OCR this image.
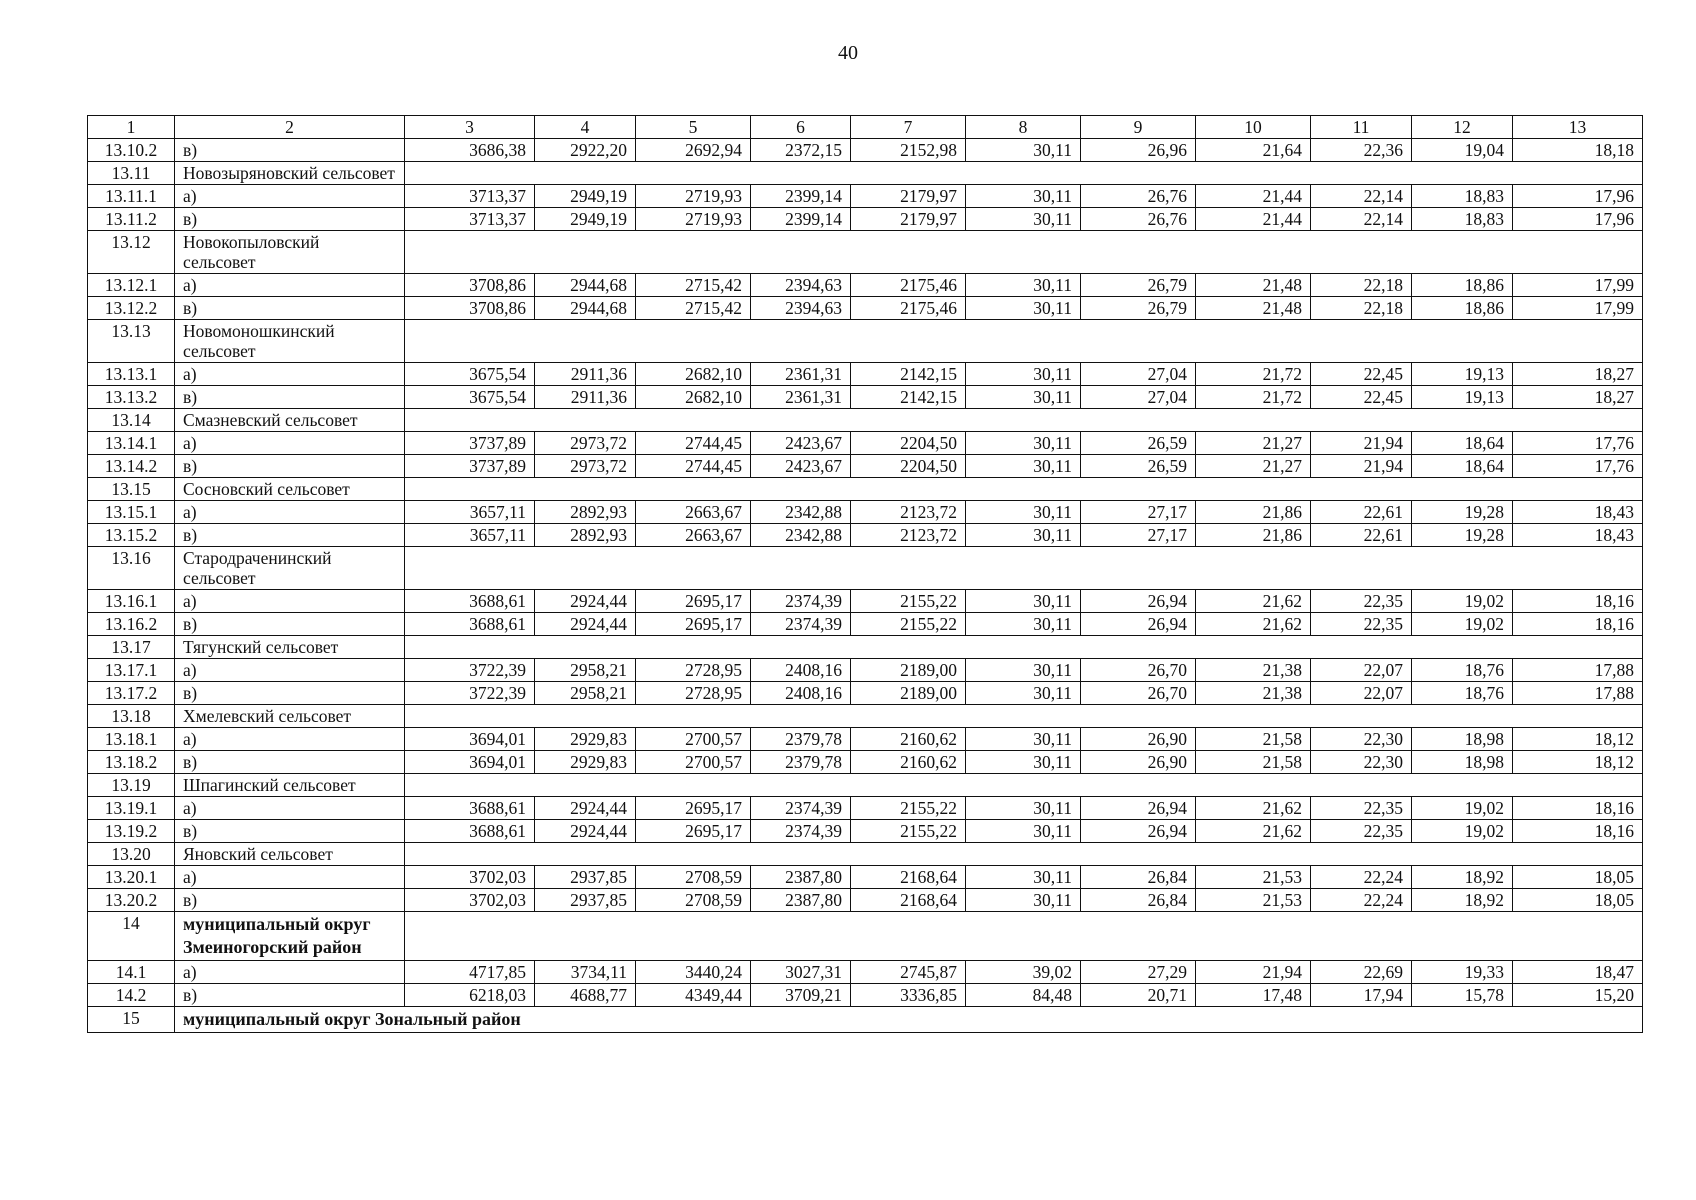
40
1	2	3	4	5	6	7	8	9	10	11	12	13
13.10.2	в)	3686,38	2922,20	2692,94	2372,15	2152,98	30,11	26,96	21,64	22,36	19,04	18,18
13.11	Новозыряновский сельсовет											
13.11.1	а)	3713,37	2949,19	2719,93	2399,14	2179,97	30,11	26,76	21,44	22,14	18,83	17,96
13.11.2	в)	3713,37	2949,19	2719,93	2399,14	2179,97	30,11	26,76	21,44	22,14	18,83	17,96
13.12	Новокопыловский сельсовет											
13.12.1	а)	3708,86	2944,68	2715,42	2394,63	2175,46	30,11	26,79	21,48	22,18	18,86	17,99
13.12.2	в)	3708,86	2944,68	2715,42	2394,63	2175,46	30,11	26,79	21,48	22,18	18,86	17,99
13.13	Новомоношкинский сельсовет											
13.13.1	а)	3675,54	2911,36	2682,10	2361,31	2142,15	30,11	27,04	21,72	22,45	19,13	18,27
13.13.2	в)	3675,54	2911,36	2682,10	2361,31	2142,15	30,11	27,04	21,72	22,45	19,13	18,27
13.14	Смазневский сельсовет											
13.14.1	а)	3737,89	2973,72	2744,45	2423,67	2204,50	30,11	26,59	21,27	21,94	18,64	17,76
13.14.2	в)	3737,89	2973,72	2744,45	2423,67	2204,50	30,11	26,59	21,27	21,94	18,64	17,76
13.15	Сосновский сельсовет											
13.15.1	а)	3657,11	2892,93	2663,67	2342,88	2123,72	30,11	27,17	21,86	22,61	19,28	18,43
13.15.2	в)	3657,11	2892,93	2663,67	2342,88	2123,72	30,11	27,17	21,86	22,61	19,28	18,43
13.16	Стародраченинский сельсовет											
13.16.1	а)	3688,61	2924,44	2695,17	2374,39	2155,22	30,11	26,94	21,62	22,35	19,02	18,16
13.16.2	в)	3688,61	2924,44	2695,17	2374,39	2155,22	30,11	26,94	21,62	22,35	19,02	18,16
13.17	Тягунский сельсовет											
13.17.1	а)	3722,39	2958,21	2728,95	2408,16	2189,00	30,11	26,70	21,38	22,07	18,76	17,88
13.17.2	в)	3722,39	2958,21	2728,95	2408,16	2189,00	30,11	26,70	21,38	22,07	18,76	17,88
13.18	Хмелевский сельсовет											
13.18.1	а)	3694,01	2929,83	2700,57	2379,78	2160,62	30,11	26,90	21,58	22,30	18,98	18,12
13.18.2	в)	3694,01	2929,83	2700,57	2379,78	2160,62	30,11	26,90	21,58	22,30	18,98	18,12
13.19	Шпагинский сельсовет											
13.19.1	а)	3688,61	2924,44	2695,17	2374,39	2155,22	30,11	26,94	21,62	22,35	19,02	18,16
13.19.2	в)	3688,61	2924,44	2695,17	2374,39	2155,22	30,11	26,94	21,62	22,35	19,02	18,16
13.20	Яновский сельсовет											
13.20.1	а)	3702,03	2937,85	2708,59	2387,80	2168,64	30,11	26,84	21,53	22,24	18,92	18,05
13.20.2	в)	3702,03	2937,85	2708,59	2387,80	2168,64	30,11	26,84	21,53	22,24	18,92	18,05
14	муниципальный округ Змеиногорский район											
14.1	а)	4717,85	3734,11	3440,24	3027,31	2745,87	39,02	27,29	21,94	22,69	19,33	18,47
14.2	в)	6218,03	4688,77	4349,44	3709,21	3336,85	84,48	20,71	17,48	17,94	15,78	15,20
15	муниципальный округ Зональный район											
